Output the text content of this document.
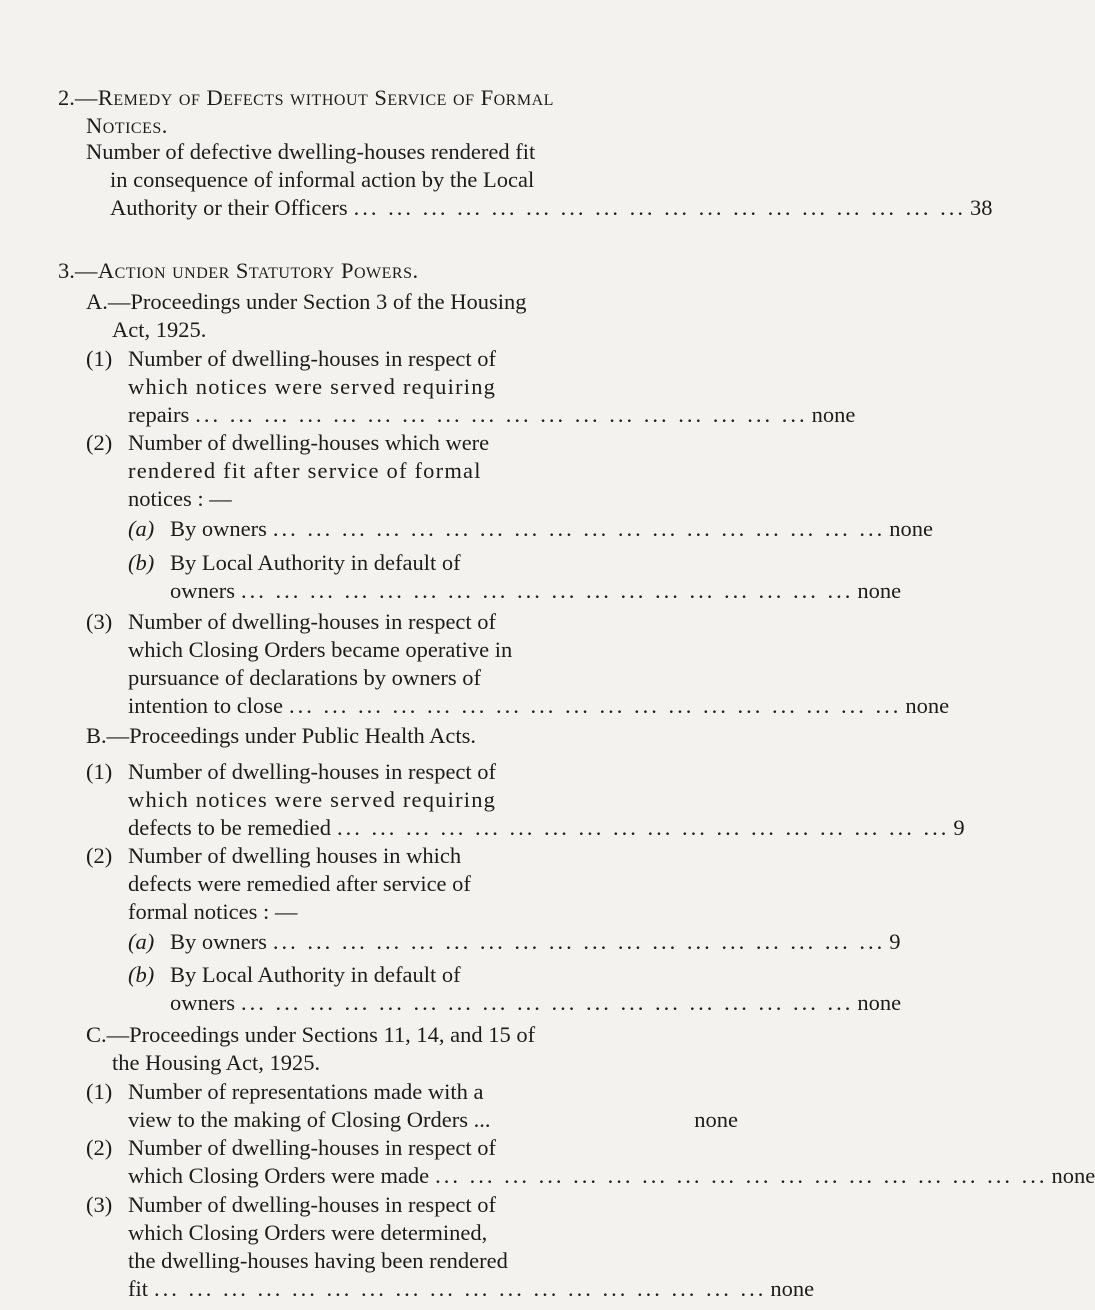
2.—Remedy of Defects without Service of Formal
Notices.
Number of defective dwelling-houses rendered fit
in consequence of informal action by the Local
Authority or their Officers ... ... ... ... ... ... ... ... ... ... ... ... ... ... ... ... ... ... 38
3.—Action under Statutory Powers.
A.—Proceedings under Section 3 of the Housing
Act, 1925.
(1) Number of dwelling-houses in respect of
which notices were served requiring
repairs ... ... ... ... ... ... ... ... ... ... ... ... ... ... ... ... ... ... none
(2) Number of dwelling-houses which were
rendered fit after service of formal
notices : —
(a) By owners ... ... ... ... ... ... ... ... ... ... ... ... ... ... ... ... ... ... none
(b) By Local Authority in default of
owners ... ... ... ... ... ... ... ... ... ... ... ... ... ... ... ... ... ... none
(3) Number of dwelling-houses in respect of
which Closing Orders became operative in
pursuance of declarations by owners of
intention to close ... ... ... ... ... ... ... ... ... ... ... ... ... ... ... ... ... ... none
B.—Proceedings under Public Health Acts.
(1) Number of dwelling-houses in respect of
which notices were served requiring
defects to be remedied ... ... ... ... ... ... ... ... ... ... ... ... ... ... ... ... ... ... 9
(2) Number of dwelling houses in which
defects were remedied after service of
formal notices : —
(a) By owners ... ... ... ... ... ... ... ... ... ... ... ... ... ... ... ... ... ... 9
(b) By Local Authority in default of
owners ... ... ... ... ... ... ... ... ... ... ... ... ... ... ... ... ... ... none
C.—Proceedings under Sections 11, 14, and 15 of
the Housing Act, 1925.
(1) Number of representations made with a
view to the making of Closing Orders ...	none
(2) Number of dwelling-houses in respect of
which Closing Orders were made ... ... ... ... ... ... ... ... ... ... ... ... ... ... ... ... ... ... none
(3) Number of dwelling-houses in respect of
which Closing Orders were determined,
the dwelling-houses having been rendered
fit ... ... ... ... ... ... ... ... ... ... ... ... ... ... ... ... ... ... none
